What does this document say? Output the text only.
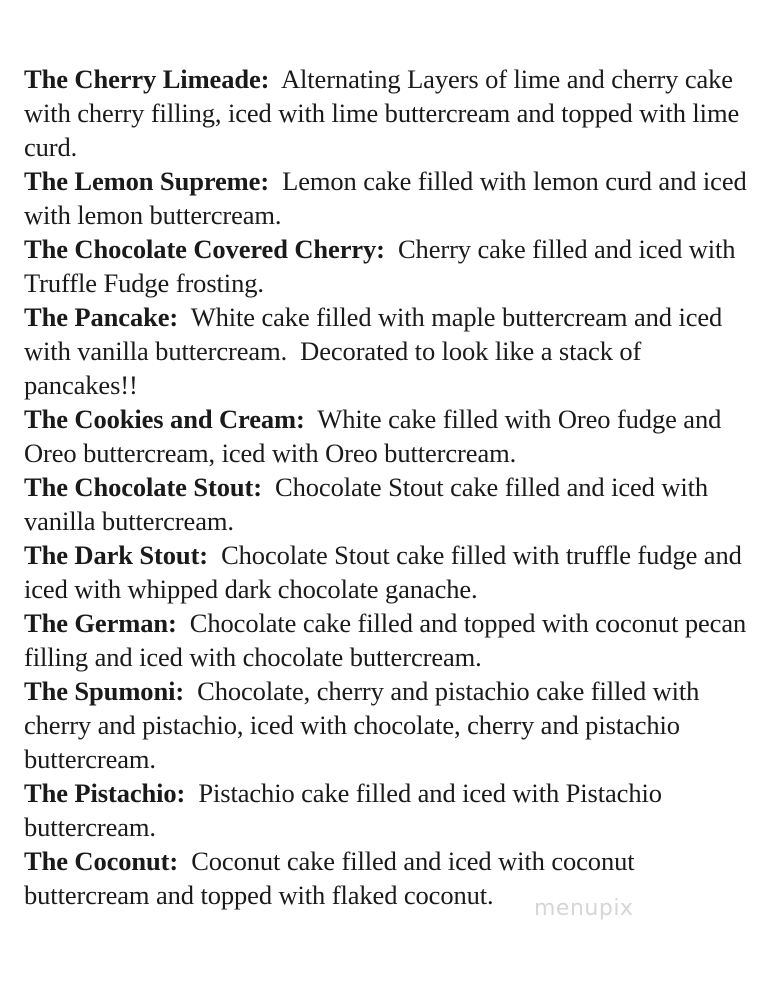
The Cherry Limeade: Alternating Layers of lime and cherry cake with cherry filling, iced with lime buttercream and topped with lime curd.

The Lemon Supreme: Lemon cake filled with lemon curd and iced with lemon buttercream.

The Chocolate Covered Cherry: Cherry cake filled and iced with Truffle Fudge frosting.

The Pancake: White cake filled with maple buttercream and iced with vanilla buttercream.  Decorated to look like a stack of pancakes!!

The Cookies and Cream: White cake filled with Oreo fudge and Oreo buttercream, iced with Oreo buttercream.

The Chocolate Stout: Chocolate Stout cake filled and iced with vanilla buttercream.

The Dark Stout: Chocolate Stout cake filled with truffle fudge and iced with whipped dark chocolate ganache.

The German: Chocolate cake filled and topped with coconut pecan filling and iced with chocolate buttercream.

The Spumoni: Chocolate, cherry and pistachio cake filled with cherry and pistachio, iced with chocolate, cherry and pistachio buttercream.

The Pistachio: Pistachio cake filled and iced with Pistachio buttercream.

The Coconut: Coconut cake filled and iced with coconut buttercream and topped with flaked coconut.	menupix
